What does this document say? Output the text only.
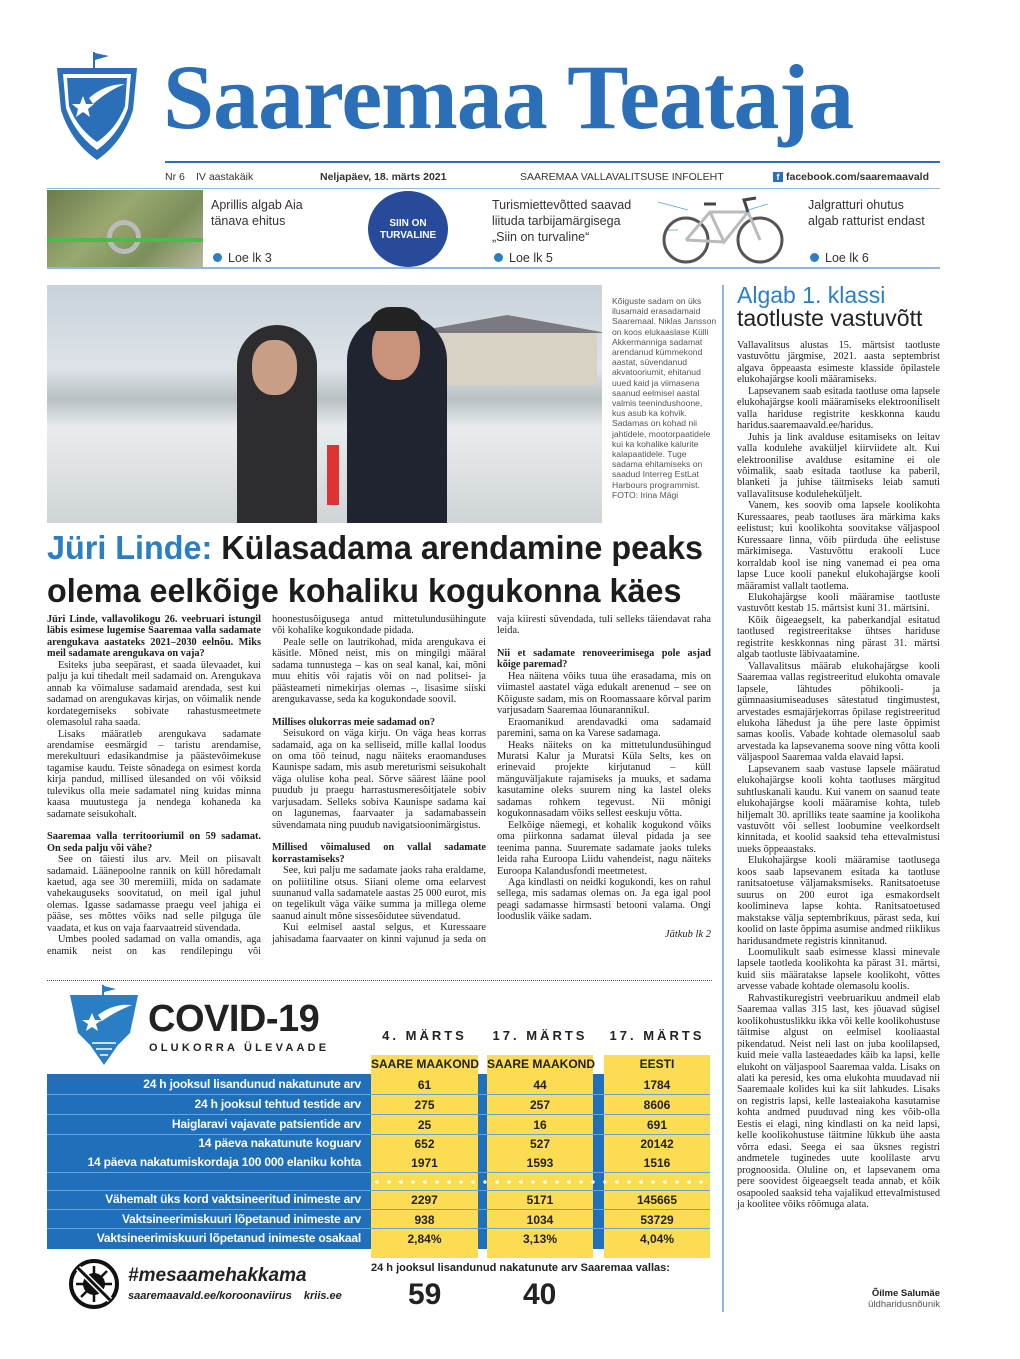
Saaremaa Teataja
Nr 6 IV aastakäik	Neljapäev, 18. märts 2021	SAAREMAA VALLAVALITSUSE INFOLEHT	f facebook.com/saaremaavald
Aprillis algab Aia tänava ehitus
Loe lk 3
SIIN ON TURVALINE
Turismiettevõtted saavad liituda tarbijamärgisega „Siin on turvaline“
Loe lk 5
Jalgratturi ohutus algab ratturist endast
Loe lk 6
Kõiguste sadam on üks ilusamaid erasadamaid Saaremaal. Niklas Jansson on koos elukaaslase Külli Akkermanniga sadamat arendanud kümmekond aastat, süvendanud akvatooriumit, ehitanud uued kaid ja viimasena saanud eelmisel aastal valmis teenindushoone, kus asub ka kohvik. Sadamas on kohad nii jahtidele, mootorpaatidele kui ka kohalike kalurite kalapaatidele. Tuge sadama ehitamiseks on saadud Interreg EstLat Harbours programmist. FOTO: Irina Mägi
Jüri Linde: Külasadama arendamine peaks olema eelkõige kohaliku kogukonna käes

Jüri Linde, vallavolikogu 26. veebruari istungil läbis esimese lugemise Saaremaa valla sadamate arengukava aastateks 2021–2030 eelnõu. Miks meil sadamate arengukava on vaja?

Esiteks juba seepärast, et saada ülevaadet, kui palju ja kui tihedalt meil sadamaid on. Arengukava annab ka võimaluse sadamaid arendada, sest kui sadamad on arengukavas kirjas, on võimalik nende kordategemiseks sobivate rahastusmeetmete olemasolul raha saada.

Lisaks määratleb arengukava sadamate arendamise eesmärgid – taristu arendamise, merekultuuri edasikandmise ja päästevõimekuse tagamise kaudu. Teiste sõnadega on esimest korda kirja pandud, millised ülesanded on või võiksid tulevikus olla meie sadamatel ning kuidas minna kaasa muutustega ja nendega kohaneda ka sadamate seisukohalt.

Saaremaa valla territooriumil on 59 sadamat. On seda palju või vähe?

See on täiesti ilus arv. Meil on piisavalt sadamaid. Läänepoolne rannik on küll hõredamalt kaetud, aga see 30 meremiili, mida on sadamate vahekauguseks soovitatud, on meil igal juhul olemas. Igasse sadamasse praegu veel jahiga ei pääse, ses mõttes võiks nad selle pilguga üle vaadata, et kus on vaja faarvaatreid süvendada.

Umbes pooled sadamad on valla omandis, aga enamik neist on kas rendilepingu või hoonestusõigusega antud mittetulundusühingute või kohalike kogukondade pidada.

Peale selle on lautrikohad, mida arengukava ei käsitle. Mõned neist, mis on mingilgi määral sadama tunnustega – kas on seal kanal, kai, mõni muu ehitis või rajatis või on nad politsei- ja päästeameti nimekirjas olemas –, lisasime siiski arengukavasse, seda ka kogukondade soovil.

Millises olukorras meie sadamad on?

Seisukord on väga kirju. On väga heas korras sadamaid, aga on ka selliseid, mille kallal loodus on oma töö teinud, nagu näiteks eraomanduses Kaunispe sadam, mis asub mereturismi seisukohalt väga olulise koha peal. Sõrve säärest lääne pool puudub ju praegu harrastusmeresõitjatele sobiv varjusadam. Selleks sobiva Kaunispe sadama kai on lagunemas, faarvaater ja sadamabassein süvendamata ning puudub navigatsioonimärgistus.

Millised võimalused on vallal sadamate korrastamiseks?

See, kui palju me sadamate jaoks raha eraldame, on poliitiline otsus. Siiani oleme oma eelarvest suunanud valla sadamatele aastas 25 000 eurot, mis on tegelikult väga väike summa ja millega oleme saanud ainult mõne sissesõidutee süvendatud.

Kui eelmisel aastal selgus, et Kuressaare jahisadama faarvaater on kinni vajunud ja seda on vaja kiiresti süvendada, tuli selleks täiendavat raha leida.

Nii et sadamate renoveerimisega pole asjad kõige paremad?

Hea näitena võiks tuua ühe erasadama, mis on viimastel aastatel väga edukalt arenenud – see on Kõiguste sadam, mis on Roomassaare kõrval parim varjusadam Saaremaa lõunarannikul.

Eraomanikud arendavadki oma sadamaid paremini, sama on ka Varese sadamaga.

Heaks näiteks on ka mittetulundusühingud Muratsi Kalur ja Muratsi Küla Selts, kes on erinevaid projekte kirjutanud – küll mänguväljakute rajamiseks ja muuks, et sadama kasutamine oleks suurem ning ka lastel oleks sadamas rohkem tegevust. Nii mõnigi kogukonnasadam võiks sellest eeskuju võtta.

Eelkõige näemegi, et kohalik kogukond võiks oma piirkonna sadamat üleval pidada ja see teenima panna. Suuremate sadamate jaoks tuleks leida raha Euroopa Liidu vahendeist, nagu näiteks Euroopa Kalandusfondi meetmetest.

Aga kindlasti on neidki kogukondi, kes on rahul sellega, mis sadamas olemas on. Ja ega igal pool peagi sadamasse hirmsasti betooni valama. Ongi looduslik väike sadam.

Jätkub lk 2

Algab 1. klassi
taotluste vastuvõtt

Vallavalitsus alustas 15. märtsist taotluste vastuvõttu järgmise, 2021. aasta septembrist algava õppeaasta esimeste klasside õpilastele elukohajärgse kooli määramiseks.

Lapsevanem saab esitada taotluse oma lapsele elukohajärgse kooli määramiseks elektrooniliselt valla hariduse registrite keskkonna kaudu haridus.saaremaavald.ee/haridus.

Juhis ja link avalduse esitamiseks on leitav valla kodulehe avaküljel kiirviidete alt. Kui elektroonilise avalduse esitamine ei ole võimalik, saab esitada taotluse ka paberil, blanketi ja juhise täitmiseks leiab samuti vallavalitsuse koduleheküljelt.

Vanem, kes soovib oma lapsele koolikohta Kuressaares, peab taotluses ära märkima kaks eelistust; kui koolikohta soovitakse väljaspool Kuressaare linna, võib piirduda ühe eelistuse märkimisega. Vastuvõttu erakooli Luce korraldab kool ise ning vanemad ei pea oma lapse Luce kooli panekul elukohajärgse kooli määramist vallalt taotlema.

Elukohajärgse kooli määramise taotluste vastuvõtt kestab 15. märtsist kuni 31. märtsini.

Kõik õigeaegselt, ka paberkandjal esitatud taotlused registreeritakse ühtses hariduse registrite keskkonnas ning pärast 31. märtsi algab taotluste läbivaatamine.

Vallavalitsus määrab elukohajärgse kooli Saaremaa vallas registreeritud elukohta omavale lapsele, lähtudes põhikooli- ja gümnaasiumiseaduses sätestatud tingimustest, arvestades esmajärjekorras õpilase registreeritud elukoha lähedust ja ühe pere laste õppimist samas koolis. Vabade kohtade olemasolul saab arvestada ka lapsevanema soove ning võtta kooli väljaspool Saaremaa valda elavaid lapsi.

Lapsevanem saab vastuse lapsele määratud elukohajärgse kooli kohta taotluses märgitud suhtluskanali kaudu. Kui vanem on saanud teate elukohajärgse kooli määramise kohta, tuleb hiljemalt 30. aprilliks teate saamine ja koolikoha vastuvõtt või sellest loobumine veelkordselt kinnitada, et koolid saaksid teha ettevalmistusi uueks õppeaastaks.

Elukohajärgse kooli määramise taotlusega koos saab lapsevanem esitada ka taotluse ranitsatoetuse väljamaksmiseks. Ranitsatoetuse suurus on 200 eurot iga esmakordselt koolimineva lapse kohta. Ranitsatoetused makstakse välja septembrikuus, pärast seda, kui koolid on laste õppima asumise andmed riiklikus haridusandmete registris kinnitanud.

Loomulikult saab esimesse klassi minevale lapsele taotleda koolikohta ka pärast 31. märtsi, kuid siis määratakse lapsele koolikoht, võttes arvesse vabade kohtade olemasolu koolis.

Rahvastikuregistri veebruarikuu andmeil elab Saaremaa vallas 315 last, kes jõuavad sügisel koolikohustuslikku ikka või kelle koolikohustuse täitmise algust on eelmisel kooliaastal pikendatud. Neist neli last on juba koolilapsed, kuid meie valla lasteaedades käib ka lapsi, kelle elukoht on väljaspool Saaremaa valda. Lisaks on alati ka peresid, kes oma elukohta muudavad nii Saaremaale kolides kui ka siit lahkudes. Lisaks on registris lapsi, kelle lasteaiakoha kasutamise kohta andmed puuduvad ning kes võib-olla Eestis ei elagi, ning kindlasti on ka neid lapsi, kelle koolikohustuse täitmine lükkub ühe aasta võrra edasi. Seega ei saa üksnes registri andmetele tuginedes uute koolilaste arvu prognoosida. Oluline on, et lapsevanem oma pere soovidest õigeaegselt teada annab, et kõik osapooled saaksid teha vajalikud ettevalmistused ja koolitee võiks rõõmuga alata.

Õilme Salumäe
üldharidusnõunik
COVID-19
OLUKORRA ÜLEVAADE
4. MÄRTS
SAARE MAAKOND
17. MÄRTS
SAARE MAAKOND
17. MÄRTS
EESTI
24 h jooksul lisandunud nakatunute arv	61	44	1784
24 h jooksul tehtud testide arv	275	257	8606
Haiglaravi vajavate patsientide arv	25	16	691
14 päeva nakatunute koguarv	652	527	20142
14 päeva nakatumiskordaja 100 000 elaniku kohta	1971	1593	1516
Vähemalt üks kord vaktsineeritud inimeste arv	2297	5171	145665
Vaktsineerimiskuuri lõpetanud inimeste arv	938	1034	53729
Vaktsineerimiskuuri lõpetanud inimeste osakaal	2,84%	3,13%	4,04%
#mesaamehakkama
saaremaavald.ee/koroonaviirus kriis.ee
24 h jooksul lisandunud nakatunute arv Saaremaa vallas:
59	40
